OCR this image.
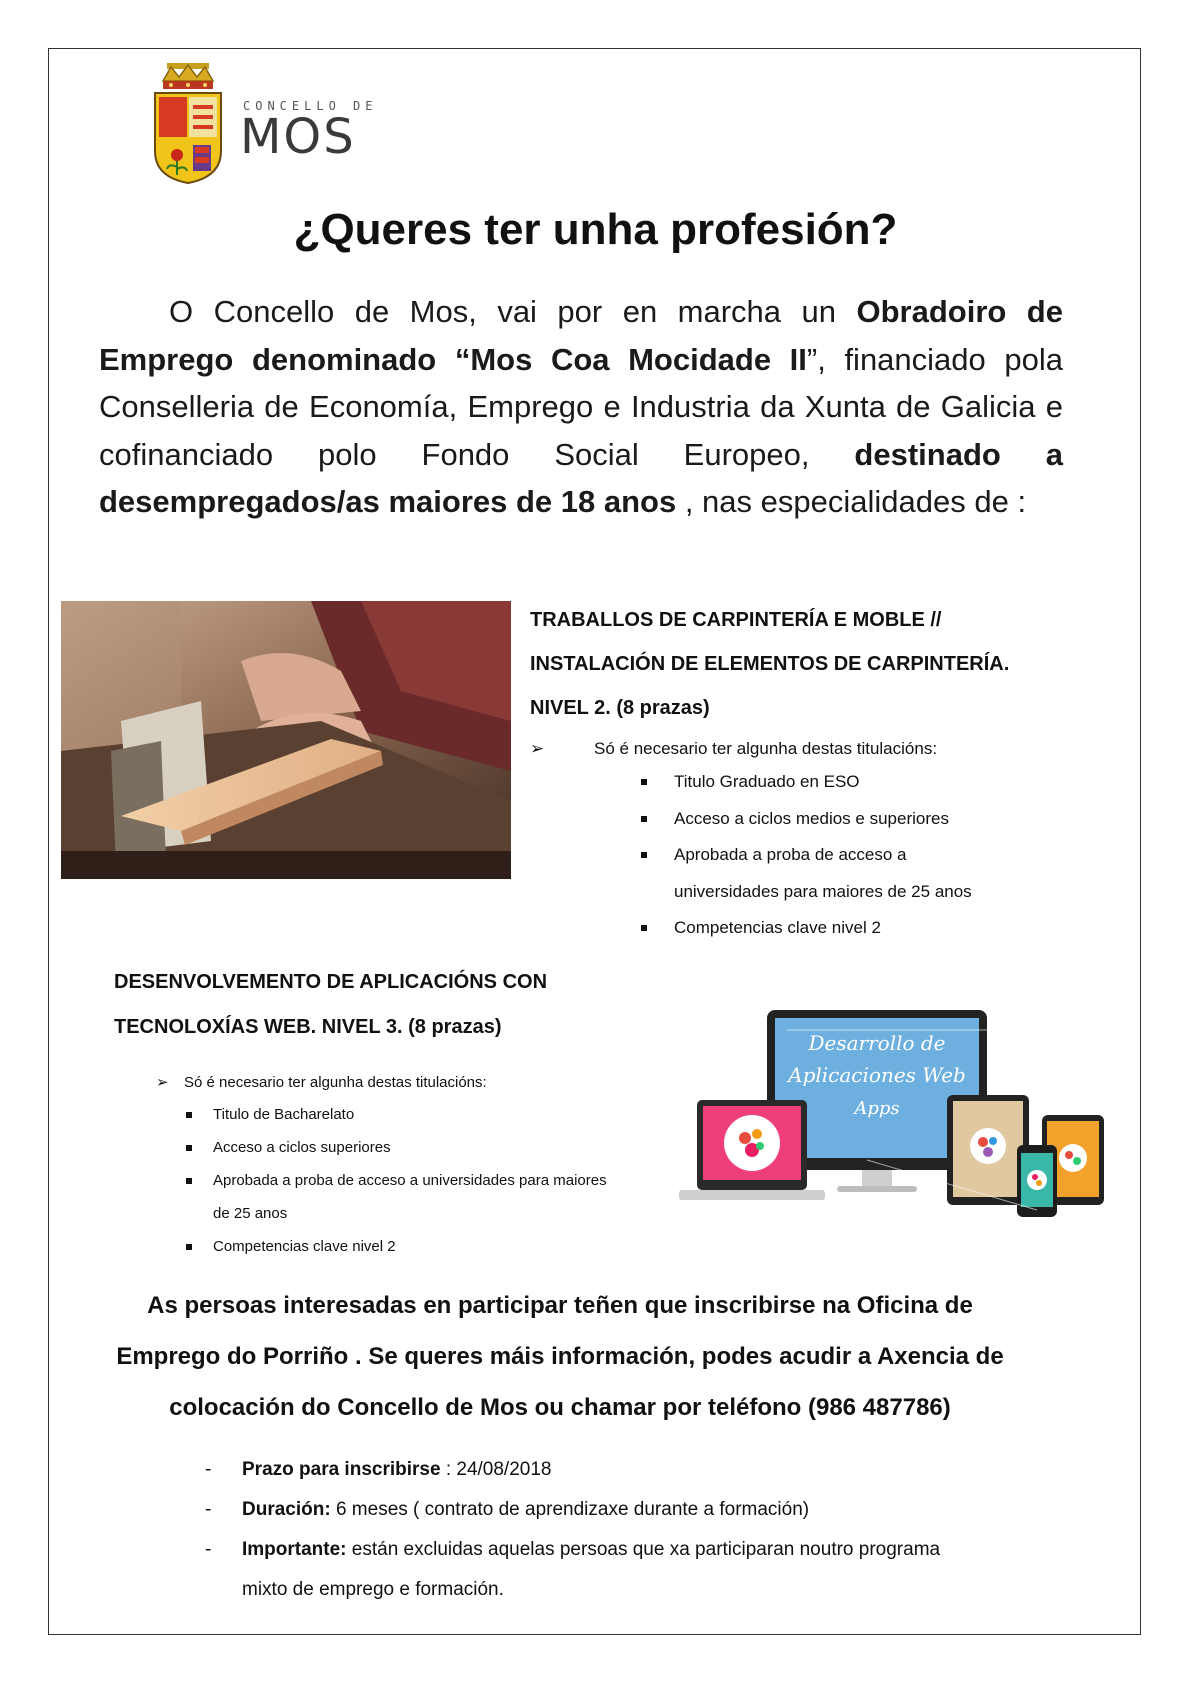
CONCELLO DE
MOS
¿Queres ter unha profesión?

O Concello de Mos, vai por en marcha un Obradoiro de Emprego denominado “Mos Coa Mocidade II”, financiado pola Conselleria de Economía, Emprego e Industria da Xunta de Galicia e cofinanciado polo Fondo Social Europeo, destinado a desempregados/as maiores de 18 anos , nas especialidades de :

TRABALLOS DE CARPINTERÍA E MOBLE //
INSTALACIÓN DE ELEMENTOS DE CARPINTERÍA.
NIVEL 2. (8 prazas)

➢	Só é necesario ter algunha destas titulacións:
Titulo Graduado en ESO
Acceso a ciclos medios e superiores
Aprobada a proba de acceso a
universidades para maiores de 25 anos
Competencias clave nivel 2

DESENVOLVEMENTO DE APLICACIÓNS CON
TECNOLOXÍAS WEB. NIVEL 3. (8 prazas)

➢ Só é necesario ter algunha destas titulacións:
Titulo de Bacharelato
Acceso a ciclos superiores
Aprobada a proba de acceso a universidades para maiores
de 25 anos
Competencias clave nivel 2
Desarrollo de
Aplicaciones Web
Apps

As persoas interesadas en participar teñen que inscribirse na Oficina de
Emprego do Porriño . Se queres máis información, podes acudir a Axencia de
colocación do Concello de Mos ou chamar por teléfono (986 487786)

- Prazo para inscribirse : 24/08/2018
- Duración: 6 meses ( contrato de aprendizaxe durante a formación)
- Importante: están excluidas aquelas persoas que xa participaran noutro programa
mixto de emprego e formación.
